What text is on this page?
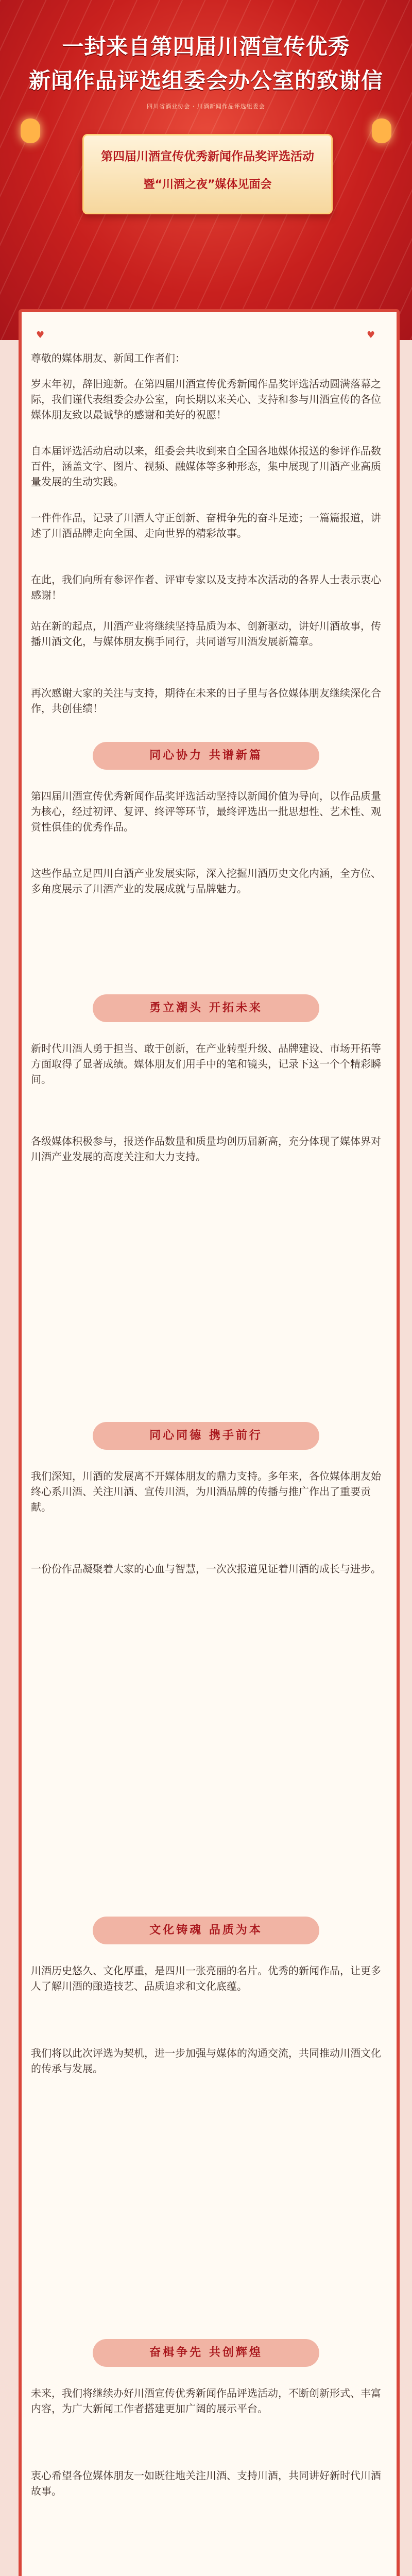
一封来自第四届川酒宣传优秀
新闻作品评选组委会办公室的致谢信
四川省酒业协会 · 川酒新闻作品评选组委会
第四届川酒宣传优秀新闻作品奖评选活动
暨“川酒之夜”媒体见面会
♥	♥

尊敬的媒体朋友、新闻工作者们：

岁末年初，辞旧迎新。在第四届川酒宣传优秀新闻作品奖评选活动圆满落幕之际，我们谨代表组委会办公室，向长期以来关心、支持和参与川酒宣传的各位媒体朋友致以最诚挚的感谢和美好的祝愿！

自本届评选活动启动以来，组委会共收到来自全国各地媒体报送的参评作品数百件，涵盖文字、图片、视频、融媒体等多种形态，集中展现了川酒产业高质量发展的生动实践。

一件件作品，记录了川酒人守正创新、奋楫争先的奋斗足迹；一篇篇报道，讲述了川酒品牌走向全国、走向世界的精彩故事。

在此，我们向所有参评作者、评审专家以及支持本次活动的各界人士表示衷心感谢！

站在新的起点，川酒产业将继续坚持品质为本、创新驱动，讲好川酒故事，传播川酒文化，与媒体朋友携手同行，共同谱写川酒发展新篇章。

再次感谢大家的关注与支持，期待在未来的日子里与各位媒体朋友继续深化合作，共创佳绩！

同心协力 共谱新篇

第四届川酒宣传优秀新闻作品奖评选活动坚持以新闻价值为导向，以作品质量为核心，经过初评、复评、终评等环节，最终评选出一批思想性、艺术性、观赏性俱佳的优秀作品。

这些作品立足四川白酒产业发展实际，深入挖掘川酒历史文化内涵，全方位、多角度展示了川酒产业的发展成就与品牌魅力。

勇立潮头 开拓未来

新时代川酒人勇于担当、敢于创新，在产业转型升级、品牌建设、市场开拓等方面取得了显著成绩。媒体朋友们用手中的笔和镜头，记录下这一个个精彩瞬间。

各级媒体积极参与，报送作品数量和质量均创历届新高，充分体现了媒体界对川酒产业发展的高度关注和大力支持。

同心同德 携手前行

我们深知，川酒的发展离不开媒体朋友的鼎力支持。多年来，各位媒体朋友始终心系川酒、关注川酒、宣传川酒，为川酒品牌的传播与推广作出了重要贡献。

一份份作品凝聚着大家的心血与智慧，一次次报道见证着川酒的成长与进步。

文化铸魂 品质为本

川酒历史悠久、文化厚重，是四川一张亮丽的名片。优秀的新闻作品，让更多人了解川酒的酿造技艺、品质追求和文化底蕴。

我们将以此次评选为契机，进一步加强与媒体的沟通交流，共同推动川酒文化的传承与发展。

奋楫争先 共创辉煌

未来，我们将继续办好川酒宣传优秀新闻作品评选活动，不断创新形式、丰富内容，为广大新闻工作者搭建更加广阔的展示平台。

衷心希望各位媒体朋友一如既往地关注川酒、支持川酒，共同讲好新时代川酒故事。
